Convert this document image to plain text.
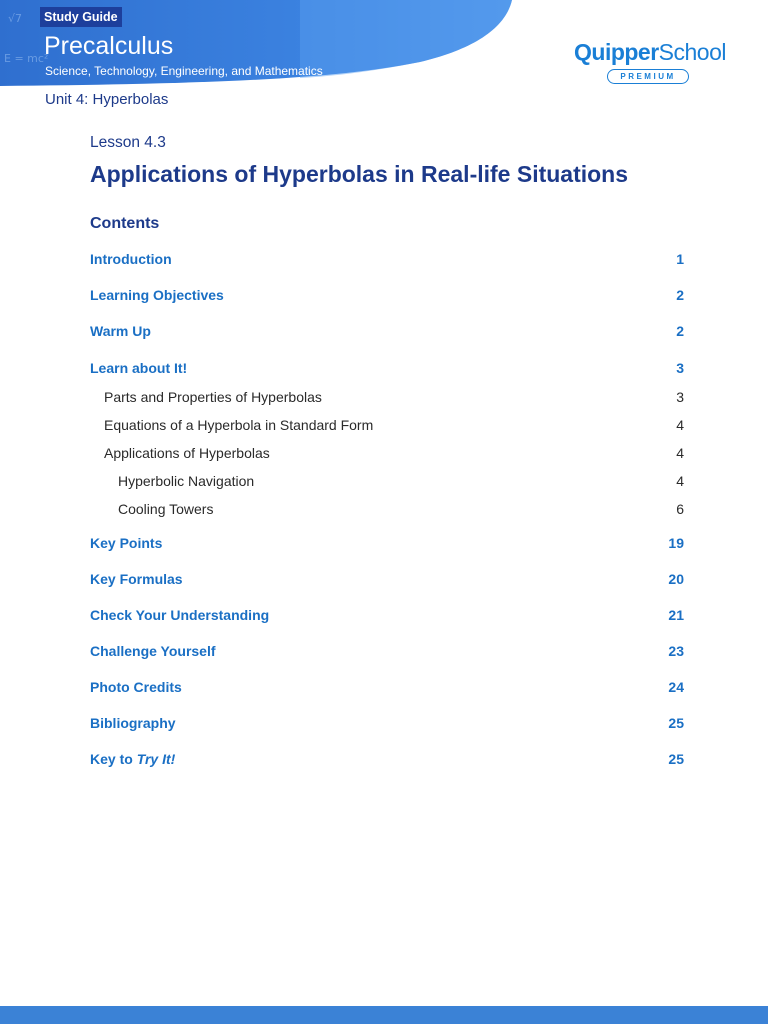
√7
E = mc²
Study Guide
Precalculus
Science, Technology, Engineering, and Mathematics
QuipperSchool
PREMIUM
Unit 4: Hyperbolas
Lesson 4.3
Applications of Hyperbolas in Real-life Situations
Contents
Introduction	1
Learning Objectives	2
Warm Up	2
Learn about It!	3
Parts and Properties of Hyperbolas	3
Equations of a Hyperbola in Standard Form	4
Applications of Hyperbolas	4
Hyperbolic Navigation	4
Cooling Towers	6
Key Points	19
Key Formulas	20
Check Your Understanding	21
Challenge Yourself	23
Photo Credits	24
Bibliography	25
Key to Try It!	25
